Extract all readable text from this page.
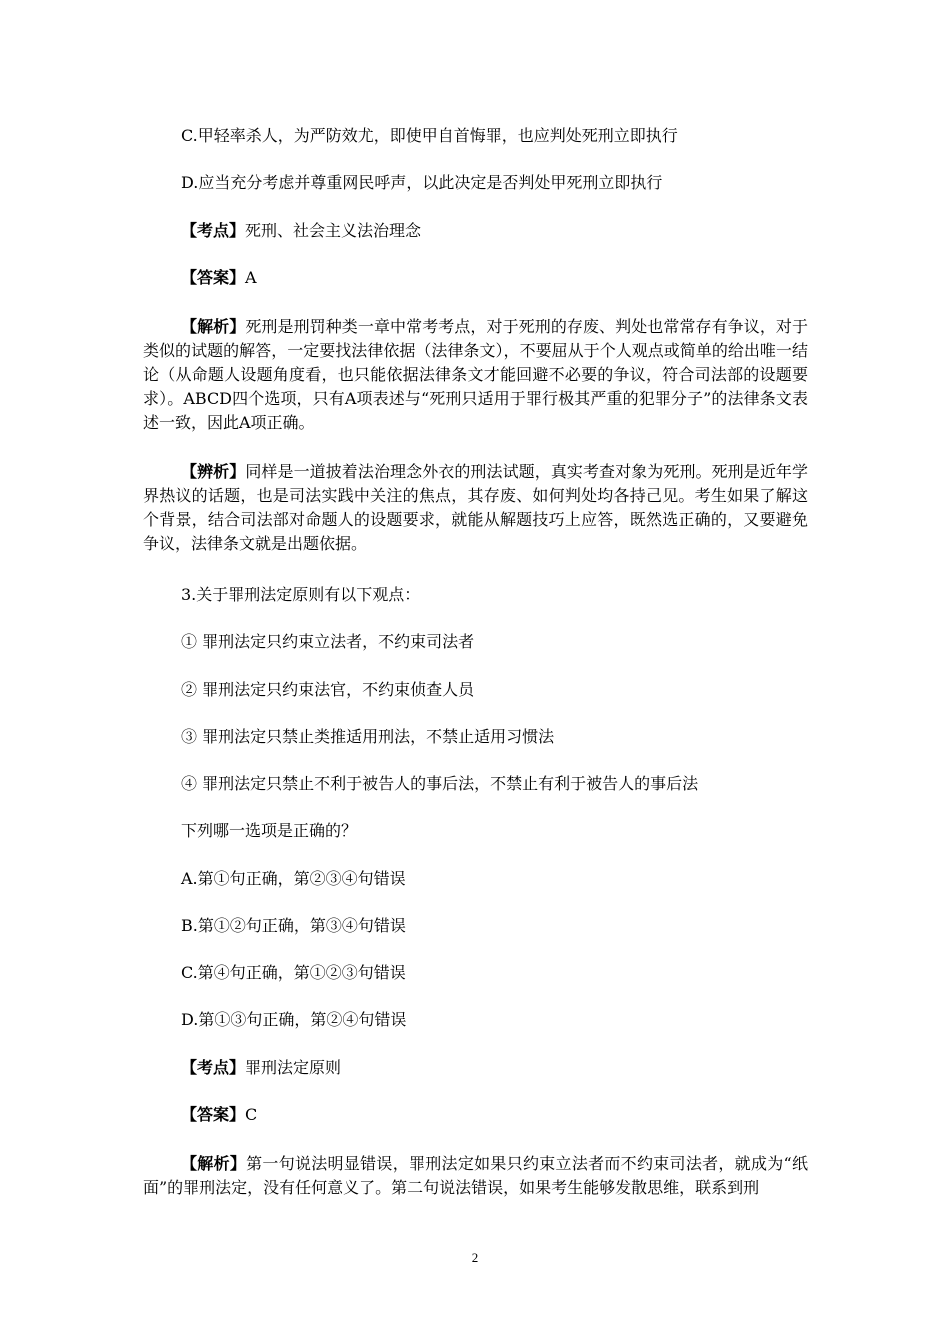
C.甲轻率杀人，为严防效尤，即使甲自首悔罪，也应判处死刑立即执行
D.应当充分考虑并尊重网民呼声，以此决定是否判处甲死刑立即执行
【考点】死刑、社会主义法治理念
【答案】A
【解析】死刑是刑罚种类一章中常考考点，对于死刑的存废、判处也常常存有争议，对于类似的试题的解答，一定要找法律依据（法律条文），不要屈从于个人观点或简单的给出唯一结论（从命题人设题角度看，也只能依据法律条文才能回避不必要的争议，符合司法部的设题要求）。ABCD四个选项，只有A项表述与“死刑只适用于罪行极其严重的犯罪分子”的法律条文表述一致，因此A项正确。
【辨析】同样是一道披着法治理念外衣的刑法试题，真实考查对象为死刑。死刑是近年学界热议的话题，也是司法实践中关注的焦点，其存废、如何判处均各持己见。考生如果了解这个背景，结合司法部对命题人的设题要求，就能从解题技巧上应答，既然选正确的，又要避免争议，法律条文就是出题依据。
3.关于罪刑法定原则有以下观点：
① 罪刑法定只约束立法者，不约束司法者
② 罪刑法定只约束法官，不约束侦查人员
③ 罪刑法定只禁止类推适用刑法，不禁止适用习惯法
④ 罪刑法定只禁止不利于被告人的事后法，不禁止有利于被告人的事后法
下列哪一选项是正确的？
A.第①句正确，第②③④句错误
B.第①②句正确，第③④句错误
C.第④句正确，第①②③句错误
D.第①③句正确，第②④句错误
【考点】罪刑法定原则
【答案】C
【解析】第一句说法明显错误，罪刑法定如果只约束立法者而不约束司法者，就成为“纸面”的罪刑法定，没有任何意义了。第二句说法错误，如果考生能够发散思维，联系到刑
2
